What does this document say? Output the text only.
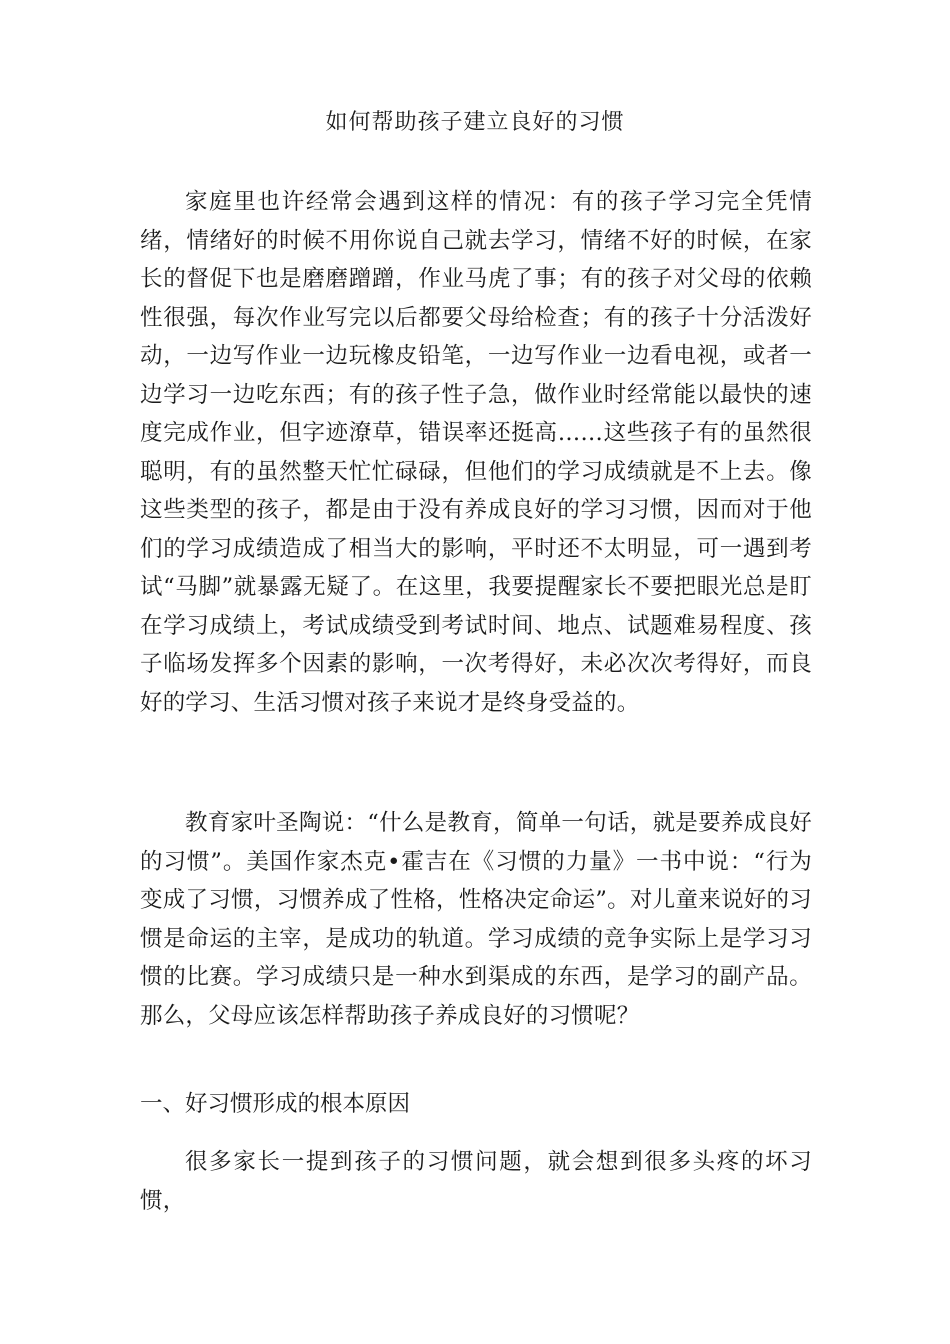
如何帮助孩子建立良好的习惯

家庭里也许经常会遇到这样的情况：有的孩子学习完全凭情绪，情绪好的时候不用你说自己就去学习，情绪不好的时候，在家长的督促下也是磨磨蹭蹭，作业马虎了事；有的孩子对父母的依赖性很强，每次作业写完以后都要父母给检查；有的孩子十分活泼好动，一边写作业一边玩橡皮铅笔，一边写作业一边看电视，或者一边学习一边吃东西；有的孩子性子急，做作业时经常能以最快的速度完成作业，但字迹潦草，错误率还挺高……这些孩子有的虽然很聪明，有的虽然整天忙忙碌碌，但他们的学习成绩就是不上去。像这些类型的孩子，都是由于没有养成良好的学习习惯，因而对于他们的学习成绩造成了相当大的影响，平时还不太明显，可一遇到考试“马脚”就暴露无疑了。在这里，我要提醒家长不要把眼光总是盯在学习成绩上，考试成绩受到考试时间、地点、试题难易程度、孩子临场发挥多个因素的影响，一次考得好，未必次次考得好，而良好的学习、生活习惯对孩子来说才是终身受益的。

教育家叶圣陶说：“什么是教育，简单一句话，就是要养成良好的习惯”。美国作家杰克•霍吉在《习惯的力量》一书中说：“行为变成了习惯，习惯养成了性格，性格决定命运”。对儿童来说好的习惯是命运的主宰，是成功的轨道。学习成绩的竞争实际上是学习习惯的比赛。学习成绩只是一种水到渠成的东西，是学习的副产品。那么，父母应该怎样帮助孩子养成良好的习惯呢？

一、好习惯形成的根本原因

很多家长一提到孩子的习惯问题，就会想到很多头疼的坏习惯，
